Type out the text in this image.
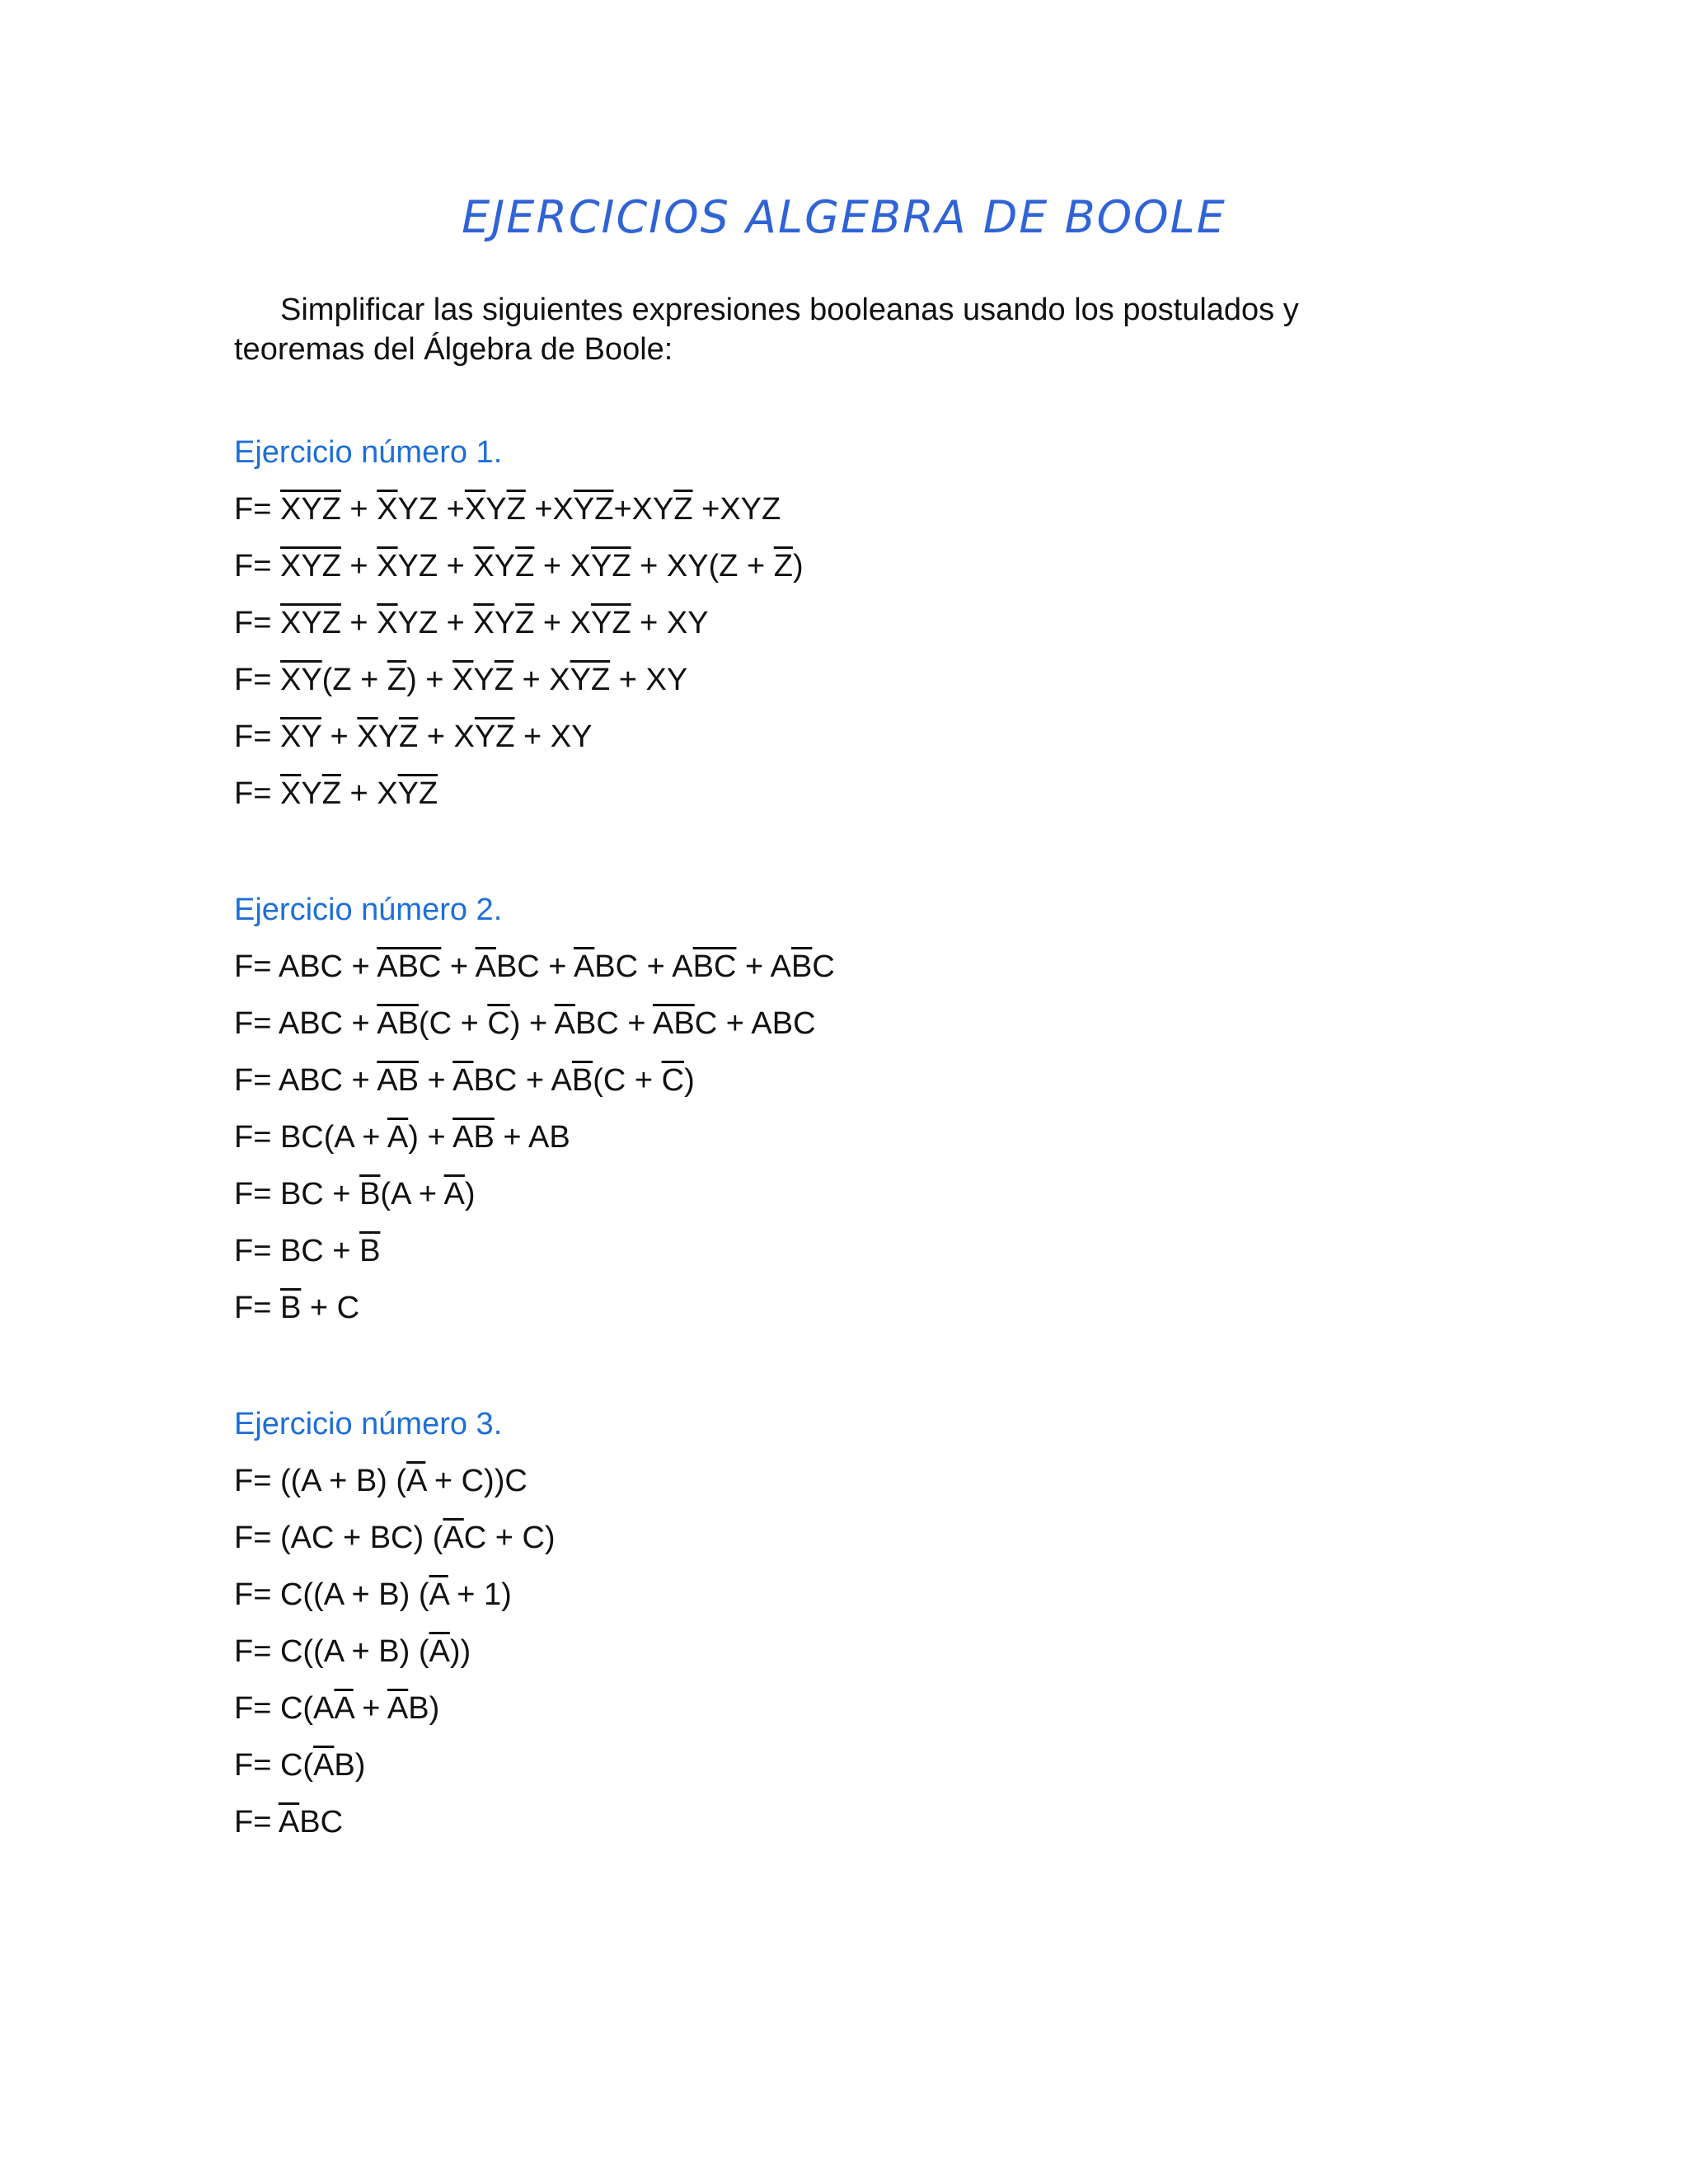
EJERCICIOS ALGEBRA DE BOOLE
Simplificar las siguientes expresiones booleanas usando los postulados y
teoremas del Álgebra de Boole:
Ejercicio número 1.
$F= \overline{XYZ} + \overline{X}YZ +\overline{X}Y\overline{Z} +X\overline{YZ}+XY\overline{Z} +XYZ$
$F= \overline{XYZ} + \overline{X}YZ + \overline{X}Y\overline{Z} + X\overline{YZ} + XY(Z + \overline{Z})$
$F= \overline{XYZ} + \overline{X}YZ + \overline{X}Y\overline{Z} + X\overline{YZ}$ + XY
$F= \overline{XY}(Z + \overline{Z}) + \overline{X}Y\overline{Z} + X\overline{YZ}$ + XY
$F= \overline{XY} + \overline{X}Y\overline{Z} + X\overline{YZ}$ + XY
$F= \overline{X}Y\overline{Z} + X\overline{YZ}$
Ejercicio número 2.
F= ABC + $\overline{ABC} + \overline{A}BC + \overline{A}BC + A\overline{BC} + A\overline{B}C$
F= ABC + $\overline{AB}(C + \overline{C}) + \overline{A}BC + \overline{AB}C$ + ABC
F= ABC + $\overline{AB} + \overline{A}BC + A\overline{B}(C + \overline{C})$
$F= BC(A + \overline{A}) + \overline{AB}$ + AB
F= BC + $\overline{B}(A + \overline{A})$
F= BC + $\overline{B}$
$F= \overline{B} + C$
Ejercicio número 3.
F= ((A + B) $(\overline{A} + C))C$
F= (AC + BC) $(\overline{A}C + C)$
F= C((A + B) $(\overline{A} + 1)$
F= C((A + B) $(\overline{A})$)
$F= C(A\overline{A} + \overline{A}B)$
$F= C(\overline{A}B)$
$F= \overline{A}BC$
